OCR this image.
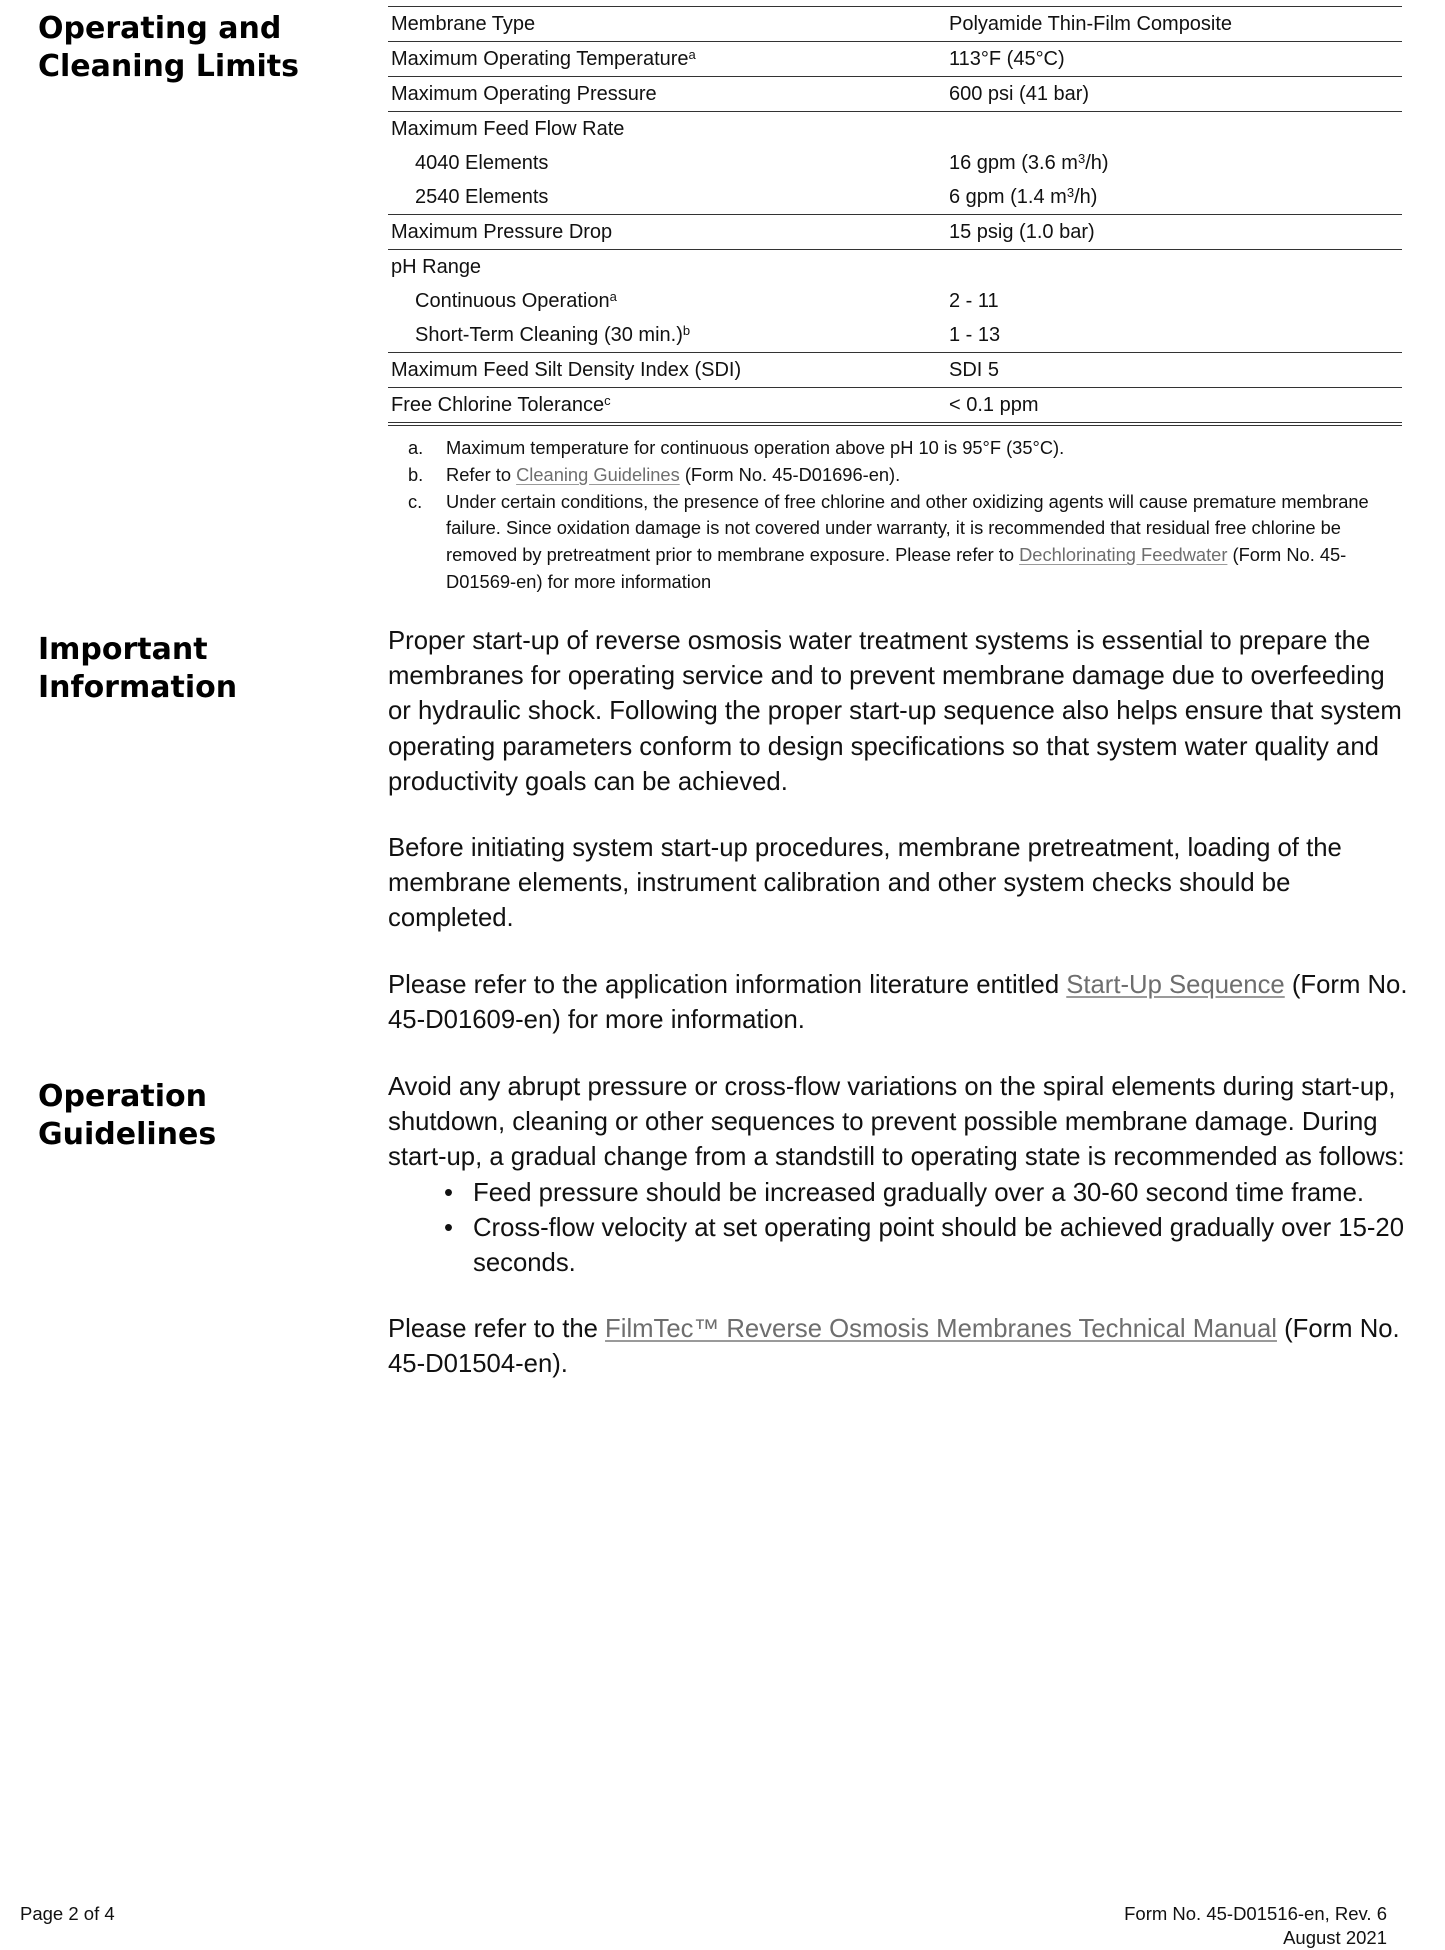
Operating and
Cleaning Limits
Important
Information
Operation
Guidelines
Membrane Type	Polyamide Thin-Film Composite
Maximum Operating Temperature$^a$	113°F (45°C)
Maximum Operating Pressure	600 psi (41 bar)
Maximum Feed Flow Rate	
4040 Elements	16 gpm (3.6 $m^3/h$)
2540 Elements	6 gpm (1.4 $m^3/h$)
Maximum Pressure Drop	15 psig (1.0 bar)
pH Range	
Continuous Operation$^a$	2 - 11
Short-Term Cleaning (30 min.)$^b$	1 - 13
Maximum Feed Silt Density Index (SDI)	SDI 5
Free Chlorine Tolerance$^c$	< 0.1 ppm
a. Maximum temperature for continuous operation above pH 10 is 95°F (35°C).
b. Refer to Cleaning Guidelines (Form No. 45-D01696-en).
c. Under certain conditions, the presence of free chlorine and other oxidizing agents will cause premature membrane failure. Since oxidation damage is not covered under warranty, it is recommended that residual free chlorine be removed by pretreatment prior to membrane exposure. Please refer to Dechlorinating Feedwater (Form No. 45-D01569-en) for more information

Proper start-up of reverse osmosis water treatment systems is essential to prepare the membranes for operating service and to prevent membrane damage due to overfeeding or hydraulic shock. Following the proper start-up sequence also helps ensure that system operating parameters conform to design specifications so that system water quality and productivity goals can be achieved.

Before initiating system start-up procedures, membrane pretreatment, loading of the membrane elements, instrument calibration and other system checks should be completed.

Please refer to the application information literature entitled Start-Up Sequence (Form No. 45-D01609-en) for more information.

Avoid any abrupt pressure or cross-flow variations on the spiral elements during start-up, shutdown, cleaning or other sequences to prevent possible membrane damage. During start-up, a gradual change from a standstill to operating state is recommended as follows:

• Feed pressure should be increased gradually over a 30-60 second time frame.
• Cross-flow velocity at set operating point should be achieved gradually over 15-20 seconds.

Please refer to the FilmTec™ Reverse Osmosis Membranes Technical Manual (Form No. 45-D01504-en).

Page 2 of 4	Form No. 45-D01516-en, Rev. 6
August 2021
